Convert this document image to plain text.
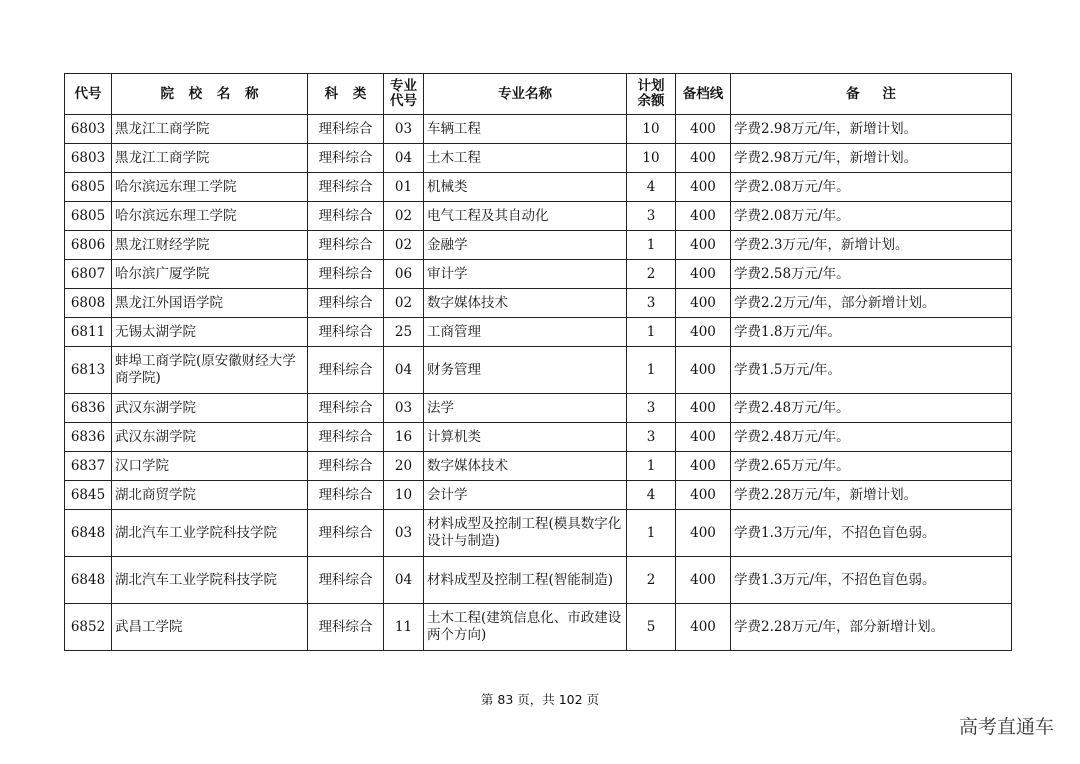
代号	院 校 名 称	科 类	专业代号	专业名称	计划余额	备档线	备 注
6803	黑龙江工商学院	理科综合	03	车辆工程	10	400	学费2.98万元/年，新增计划。
6803	黑龙江工商学院	理科综合	04	土木工程	10	400	学费2.98万元/年，新增计划。
6805	哈尔滨远东理工学院	理科综合	01	机械类	4	400	学费2.08万元/年。
6805	哈尔滨远东理工学院	理科综合	02	电气工程及其自动化	3	400	学费2.08万元/年。
6806	黑龙江财经学院	理科综合	02	金融学	1	400	学费2.3万元/年，新增计划。
6807	哈尔滨广厦学院	理科综合	06	审计学	2	400	学费2.58万元/年。
6808	黑龙江外国语学院	理科综合	02	数字媒体技术	3	400	学费2.2万元/年，部分新增计划。
6811	无锡太湖学院	理科综合	25	工商管理	1	400	学费1.8万元/年。
6813	蚌埠工商学院(原安徽财经大学商学院)	理科综合	04	财务管理	1	400	学费1.5万元/年。
6836	武汉东湖学院	理科综合	03	法学	3	400	学费2.48万元/年。
6836	武汉东湖学院	理科综合	16	计算机类	3	400	学费2.48万元/年。
6837	汉口学院	理科综合	20	数字媒体技术	1	400	学费2.65万元/年。
6845	湖北商贸学院	理科综合	10	会计学	4	400	学费2.28万元/年，新增计划。
6848	湖北汽车工业学院科技学院	理科综合	03	材料成型及控制工程(模具数字化设计与制造)	1	400	学费1.3万元/年，不招色盲色弱。
6848	湖北汽车工业学院科技学院	理科综合	04	材料成型及控制工程(智能制造)	2	400	学费1.3万元/年，不招色盲色弱。
6852	武昌工学院	理科综合	11	土木工程(建筑信息化、市政建设两个方向)	5	400	学费2.28万元/年，部分新增计划。
第 83 页，共 102 页
高考直通车
